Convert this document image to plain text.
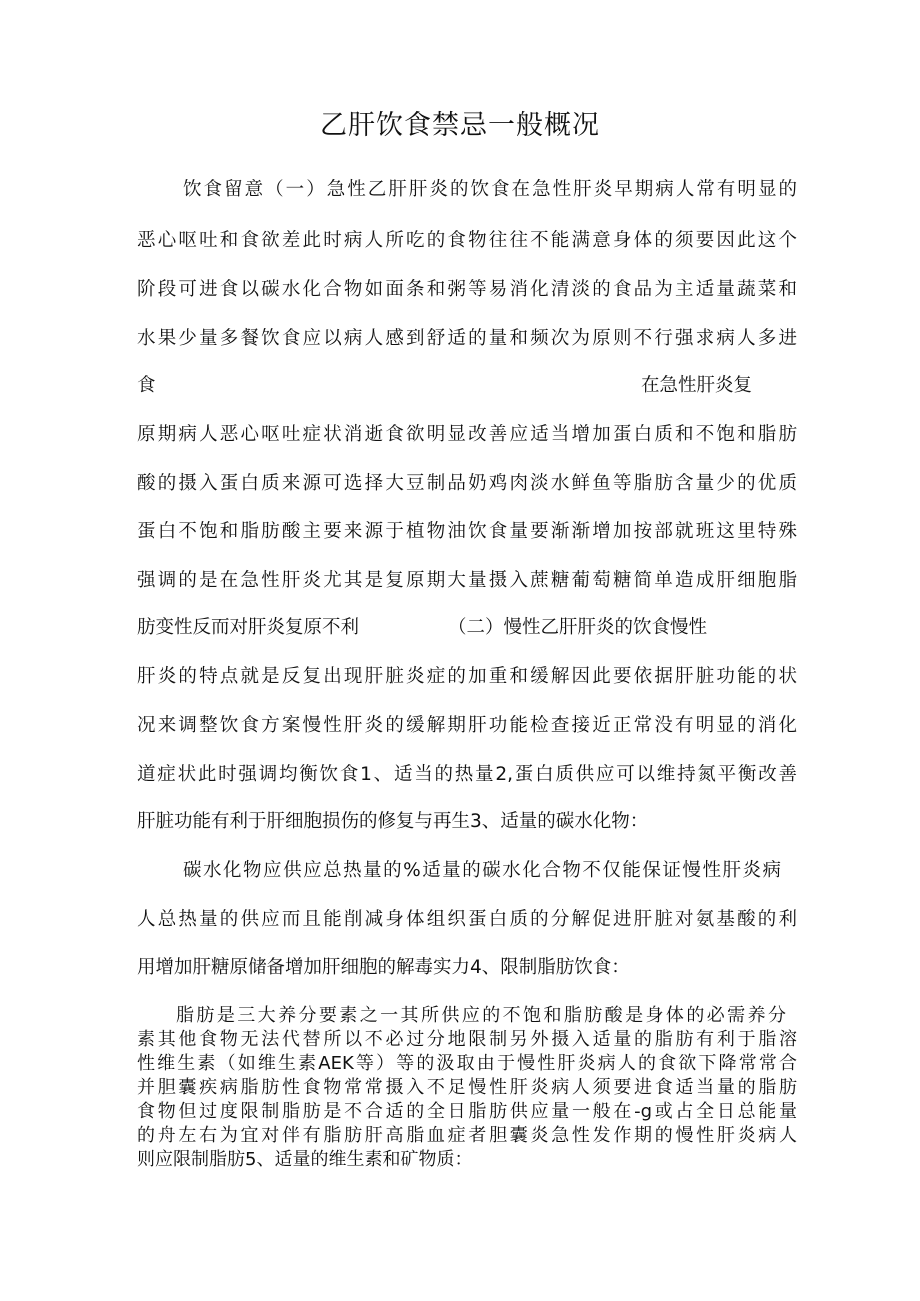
乙肝饮食禁忌一般概况
饮食留意（一）急性乙肝肝炎的饮食在急性肝炎早期病人常有明显的
恶心呕吐和食欲差此时病人所吃的食物往往不能满意身体的须要因此这个
阶段可进食以碳水化合物如面条和粥等易消化清淡的食品为主适量蔬菜和
水果少量多餐饮食应以病人感到舒适的量和频次为原则不行强求病人多进
食	在急性肝炎复
原期病人恶心呕吐症状消逝食欲明显改善应适当增加蛋白质和不饱和脂肪
酸的摄入蛋白质来源可选择大豆制品奶鸡肉淡水鲜鱼等脂肪含量少的优质
蛋白不饱和脂肪酸主要来源于植物油饮食量要渐渐增加按部就班这里特殊
强调的是在急性肝炎尤其是复原期大量摄入蔗糖葡萄糖简单造成肝细胞脂
肪变性反而对肝炎复原不利	（二）慢性乙肝肝炎的饮食慢性
肝炎的特点就是反复出现肝脏炎症的加重和缓解因此要依据肝脏功能的状
况来调整饮食方案慢性肝炎的缓解期肝功能检查接近正常没有明显的消化
道症状此时强调均衡饮食1、适当的热量2,蛋白质供应可以维持氮平衡改善
肝脏功能有利于肝细胞损伤的修复与再生3、适量的碳水化物：
碳水化物应供应总热量的%适量的碳水化合物不仅能保证慢性肝炎病
人总热量的供应而且能削减身体组织蛋白质的分解促进肝脏对氨基酸的利
用增加肝糖原储备增加肝细胞的解毒实力4、限制脂肪饮食：
脂肪是三大养分要素之一其所供应的不饱和脂肪酸是身体的必需养分
素其他食物无法代替所以不必过分地限制另外摄入适量的脂肪有利于脂溶
性维生素（如维生素AEK等）等的汲取由于慢性肝炎病人的食欲下降常常合
并胆囊疾病脂肪性食物常常摄入不足慢性肝炎病人须要进食适当量的脂肪
食物但过度限制脂肪是不合适的全日脂肪供应量一般在-g或占全日总能量
的舟左右为宜对伴有脂肪肝高脂血症者胆囊炎急性发作期的慢性肝炎病人
则应限制脂肪5、适量的维生素和矿物质：
